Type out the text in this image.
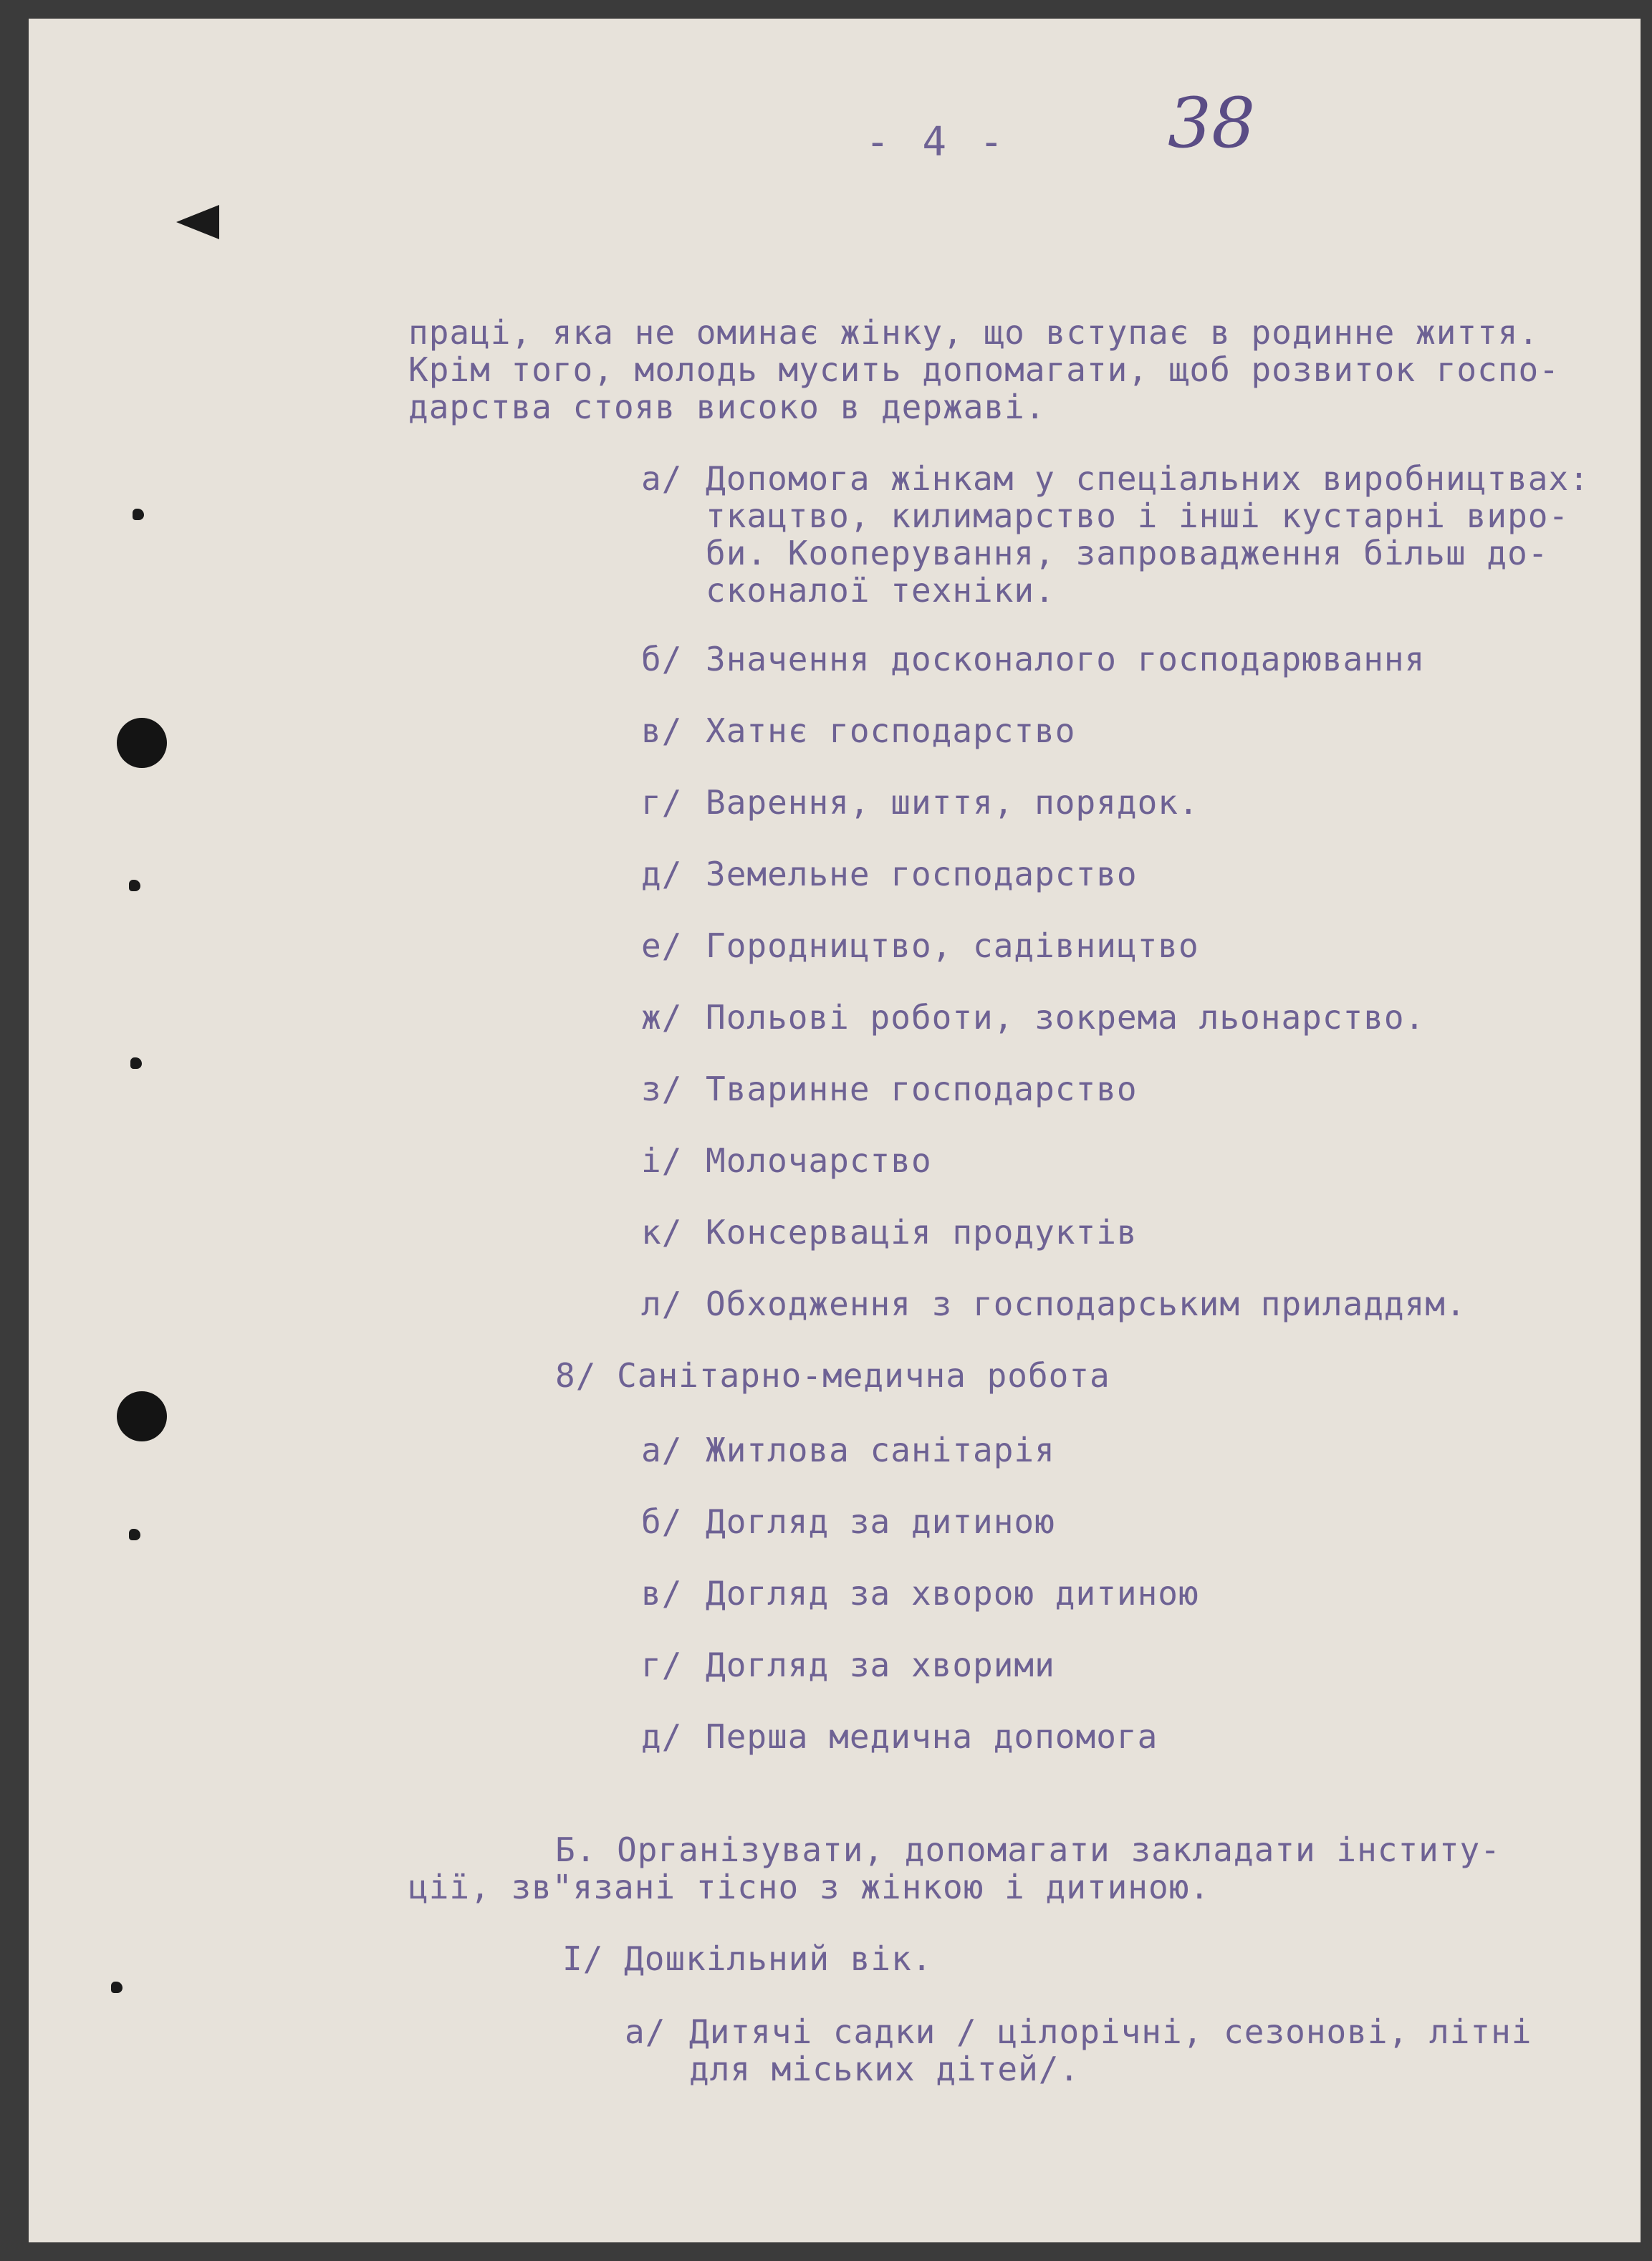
- 4 - 38
праці, яка не оминає жінку, що вступає в родинне життя.
Крім того, молодь мусить допомагати, щоб розвиток госпо-
дарства стояв високо в державі.
а/ Допомога жінкам у спеціальних виробництвах:
ткацтво, килимарство і інші кустарні виро-
би. Кооперування, запровадження більш до-
сконалої техніки.
б/ Значення досконалого господарювання
в/ Хатнє господарство
г/ Варення, шиття, порядок.
д/ Земельне господарство
е/ Городництво, садівництво
ж/ Польові роботи, зокрема льонарство.
з/ Тваринне господарство
і/ Молочарство
к/ Консервація продуктів
л/ Обходження з господарським приладдям.
8/ Санітарно-медична робота
а/ Житлова санітарія
б/ Догляд за дитиною
в/ Догляд за хворою дитиною
г/ Догляд за хворими
д/ Перша медична допомога
Б. Організувати, допомагати закладати інститу-
ції, зв"язані тісно з жінкою і дитиною.
I/ Дошкільний вік.
а/ Дитячі садки / цілорічні, сезонові, літні
для міських дітей/.
